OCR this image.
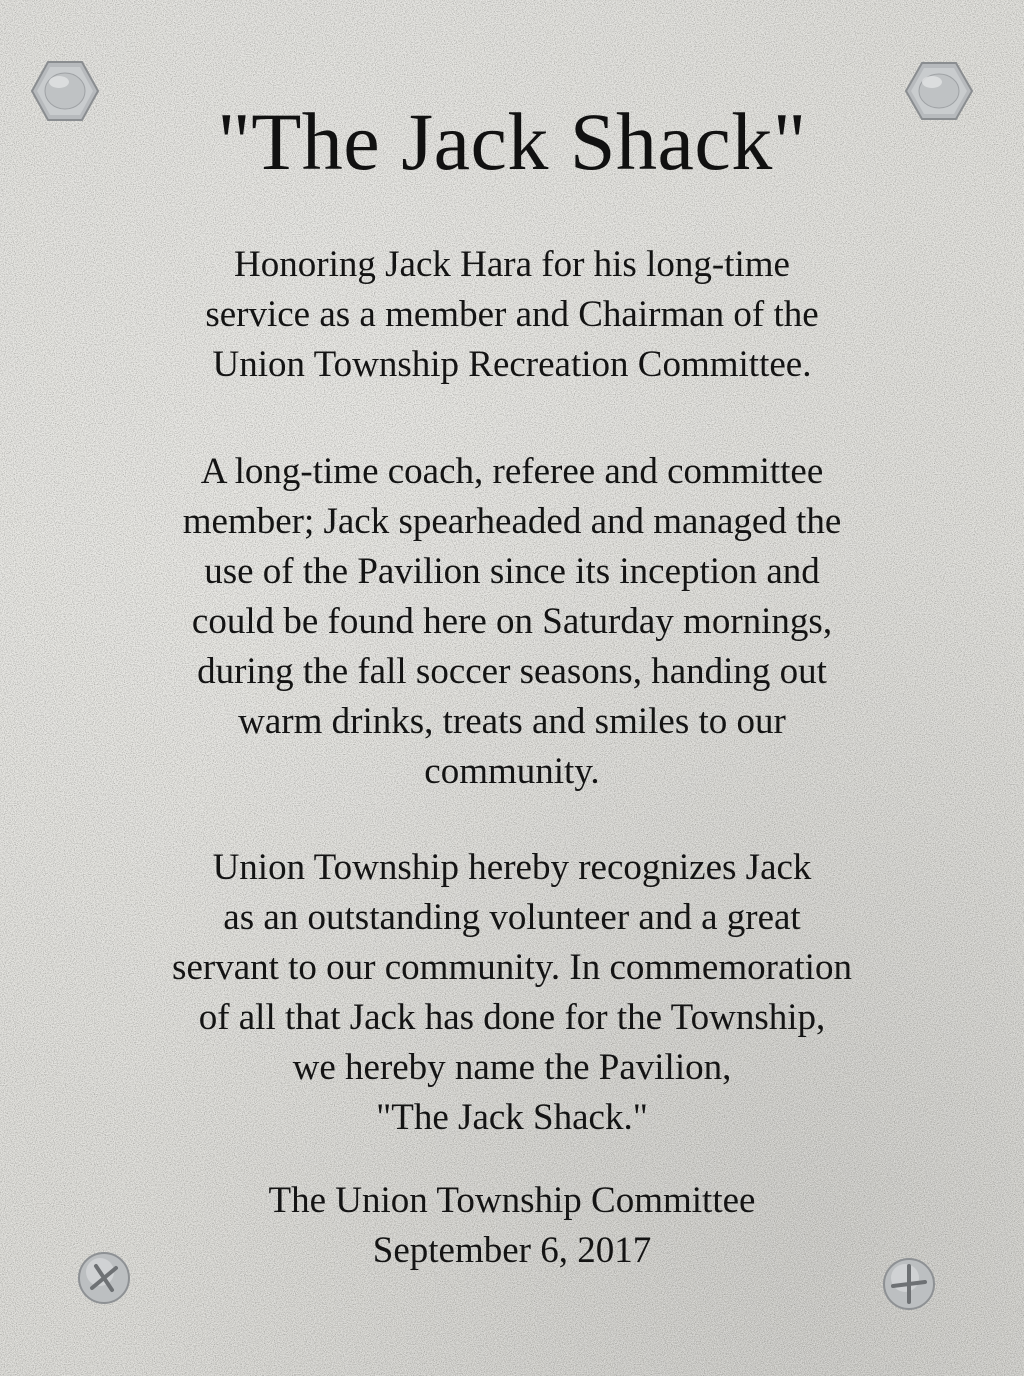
"The Jack Shack"
Honoring Jack Hara for his long-time
service as a member and Chairman of the
Union Township Recreation Committee.
A long-time coach, referee and committee
member; Jack spearheaded and managed the
use of the Pavilion since its inception and
could be found here on Saturday mornings,
during the fall soccer seasons, handing out
warm drinks, treats and smiles to our
community.
Union Township hereby recognizes Jack
as an outstanding volunteer and a great
servant to our community. In commemoration
of all that Jack has done for the Township,
we hereby name the Pavilion,
"The Jack Shack."
The Union Township Committee
September 6, 2017
